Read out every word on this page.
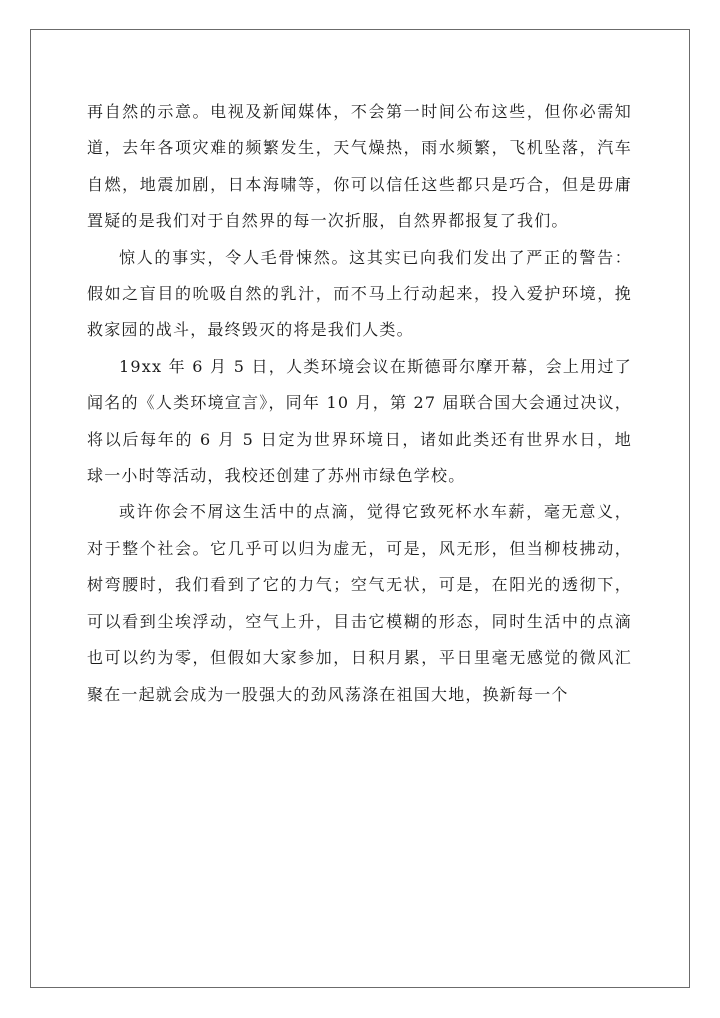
再自然的示意。电视及新闻媒体，不会第一时间公布这些，但你必需知道，去年各项灾难的频繁发生，天气燥热，雨水频繁，飞机坠落，汽车自燃，地震加剧，日本海啸等，你可以信任这些都只是巧合，但是毋庸置疑的是我们对于自然界的每一次折服，自然界都报复了我们。

惊人的事实，令人毛骨悚然。这其实已向我们发出了严正的警告：假如之盲目的吮吸自然的乳汁，而不马上行动起来，投入爱护环境，挽救家园的战斗，最终毁灭的将是我们人类。

19xx 年 6 月 5 日，人类环境会议在斯德哥尔摩开幕，会上用过了闻名的《人类环境宣言》，同年 10 月，第 27 届联合国大会通过决议，将以后每年的 6 月 5 日定为世界环境日，诸如此类还有世界水日，地球一小时等活动，我校还创建了苏州市绿色学校。

或许你会不屑这生活中的点滴，觉得它致死杯水车薪，毫无意义，对于整个社会。它几乎可以归为虚无，可是，风无形，但当柳枝拂动，树弯腰时，我们看到了它的力气；空气无状，可是，在阳光的透彻下，可以看到尘埃浮动，空气上升，目击它模糊的形态，同时生活中的点滴也可以约为零，但假如大家参加，日积月累，平日里毫无感觉的微风汇聚在一起就会成为一股强大的劲风荡涤在祖国大地，换新每一个
